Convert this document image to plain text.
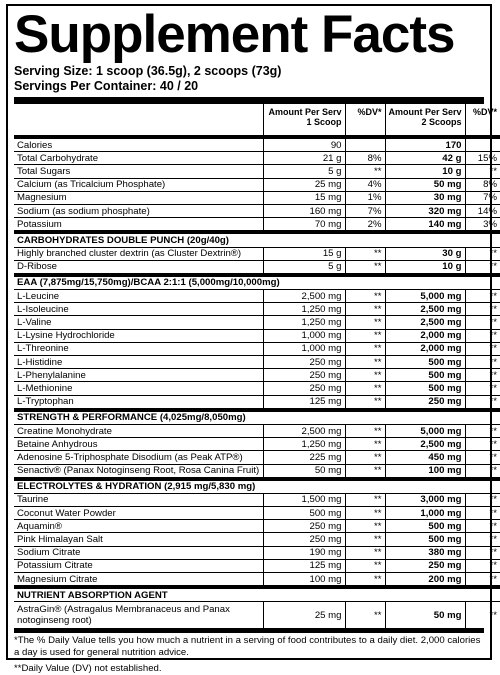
Supplement Facts
Serving Size: 1 scoop (36.5g), 2 scoops (73g)
Servings Per Container: 40 / 20
	Amount Per Serv
1 Scoop	%DV*	Amount Per Serv
2 Scoops	%DV*
Calories	90		170	
Total Carbohydrate	21 g	8%	42 g	15%
Total Sugars	5 g	**	10 g	**
Calcium (as Tricalcium Phosphate)	25 mg	4%	50 mg	8%
Magnesium	15 mg	1%	30 mg	7%
Sodium (as sodium phosphate)	160 mg	7%	320 mg	14%
Potassium	70 mg	2%	140 mg	3%
CARBOHYDRATES DOUBLE PUNCH (20g/40g)				
Highly branched cluster dextrin (as Cluster Dextrin®)	15 g	**	30 g	**
D-Ribose	5 g	**	10 g	**
EAA (7,875mg/15,750mg)/BCAA 2:1:1 (5,000mg/10,000mg)				
L-Leucine	2,500 mg	**	5,000 mg	**
L-Isoleucine	1,250 mg	**	2,500 mg	**
L-Valine	1,250 mg	**	2,500 mg	**
L-Lysine Hydrochloride	1,000 mg	**	2,000 mg	**
L-Threonine	1,000 mg	**	2,000 mg	**
L-Histidine	250 mg	**	500 mg	**
L-Phenylalanine	250 mg	**	500 mg	**
L-Methionine	250 mg	**	500 mg	**
L-Tryptophan	125 mg	**	250 mg	**
STRENGTH & PERFORMANCE (4,025mg/8,050mg)				
Creatine Monohydrate	2,500 mg	**	5,000 mg	**
Betaine Anhydrous	1,250 mg	**	2,500 mg	**
Adenosine 5-Triphosphate Disodium (as Peak ATP®)	225 mg	**	450 mg	**
Senactiv® (Panax Notoginseng Root, Rosa Canina Fruit)	50 mg	**	100 mg	**
ELECTROLYTES & HYDRATION (2,915 mg/5,830 mg)				
Taurine	1,500 mg	**	3,000 mg	**
Coconut Water Powder	500 mg	**	1,000 mg	**
Aquamin®	250 mg	**	500 mg	**
Pink Himalayan Salt	250 mg	**	500 mg	**
Sodium Citrate	190 mg	**	380 mg	**
Potassium Citrate	125 mg	**	250 mg	**
Magnesium Citrate	100 mg	**	200 mg	**
NUTRIENT ABSORPTION AGENT				
AstraGin® (Astragalus Membranaceus and Panax notoginseng root)	25 mg	**	50 mg	**

*The % Daily Value tells you how much a nutrient in a serving of food contributes to a daily diet. 2,000 calories a day is used for general nutrition advice.

**Daily Value (DV) not established.
